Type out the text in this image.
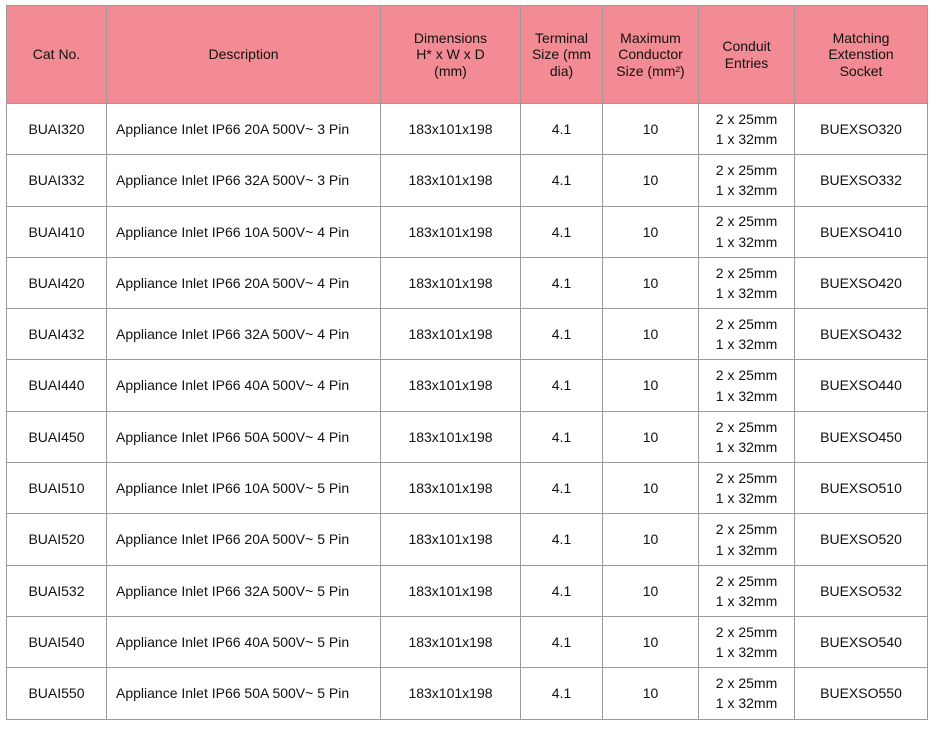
Cat No.	Description	Dimensions
H* x W x D
(mm)	Terminal
Size (mm
dia)	Maximum
Conductor
Size (mm²)	Conduit
Entries	Matching
Extenstion
Socket

BUAI320	Appliance Inlet IP66 20A 500V~ 3 Pin	183x101x198	4.1	10	2 x 25mm
1 x 32mm	BUEXSO320
BUAI332	Appliance Inlet IP66 32A 500V~ 3 Pin	183x101x198	4.1	10	2 x 25mm
1 x 32mm	BUEXSO332
BUAI410	Appliance Inlet IP66 10A 500V~ 4 Pin	183x101x198	4.1	10	2 x 25mm
1 x 32mm	BUEXSO410
BUAI420	Appliance Inlet IP66 20A 500V~ 4 Pin	183x101x198	4.1	10	2 x 25mm
1 x 32mm	BUEXSO420
BUAI432	Appliance Inlet IP66 32A 500V~ 4 Pin	183x101x198	4.1	10	2 x 25mm
1 x 32mm	BUEXSO432
BUAI440	Appliance Inlet IP66 40A 500V~ 4 Pin	183x101x198	4.1	10	2 x 25mm
1 x 32mm	BUEXSO440
BUAI450	Appliance Inlet IP66 50A 500V~ 4 Pin	183x101x198	4.1	10	2 x 25mm
1 x 32mm	BUEXSO450
BUAI510	Appliance Inlet IP66 10A 500V~ 5 Pin	183x101x198	4.1	10	2 x 25mm
1 x 32mm	BUEXSO510
BUAI520	Appliance Inlet IP66 20A 500V~ 5 Pin	183x101x198	4.1	10	2 x 25mm
1 x 32mm	BUEXSO520
BUAI532	Appliance Inlet IP66 32A 500V~ 5 Pin	183x101x198	4.1	10	2 x 25mm
1 x 32mm	BUEXSO532
BUAI540	Appliance Inlet IP66 40A 500V~ 5 Pin	183x101x198	4.1	10	2 x 25mm
1 x 32mm	BUEXSO540
BUAI550	Appliance Inlet IP66 50A 500V~ 5 Pin	183x101x198	4.1	10	2 x 25mm
1 x 32mm	BUEXSO550
